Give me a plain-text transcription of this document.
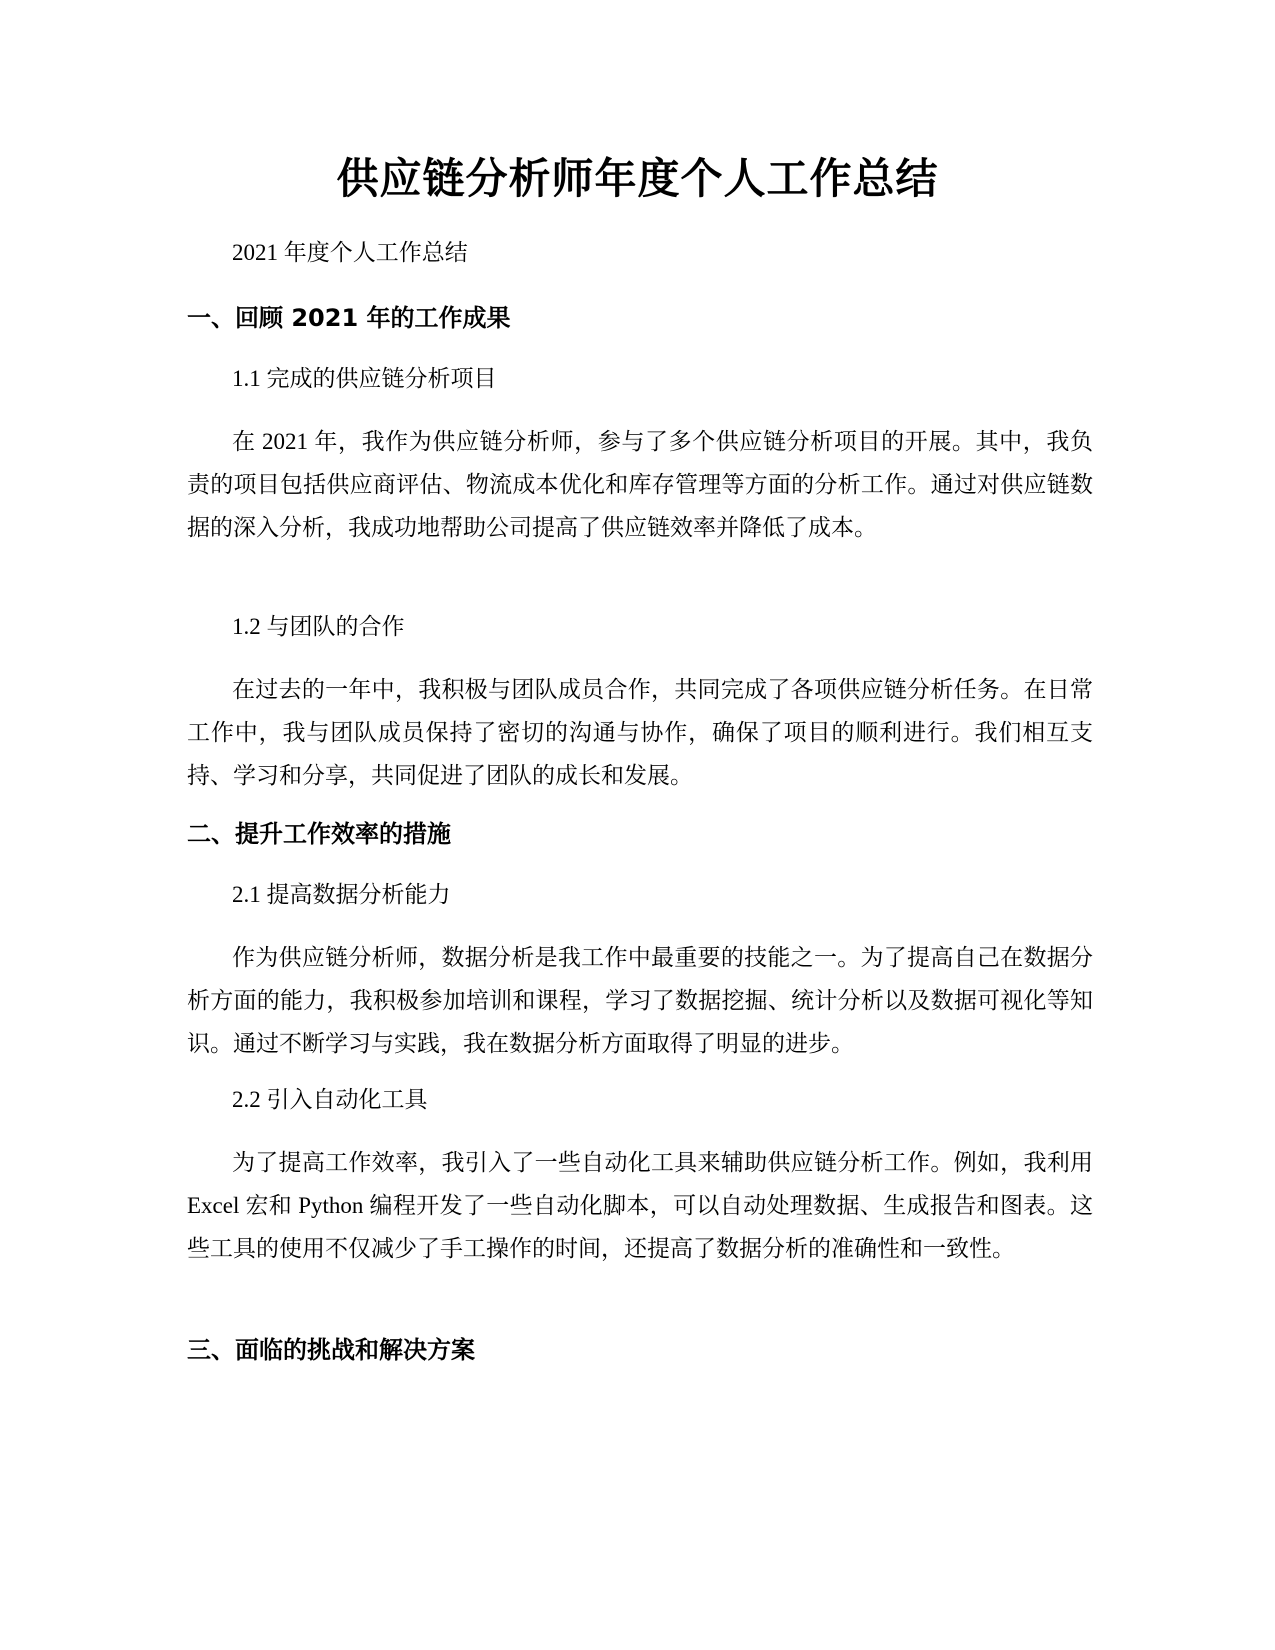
供应链分析师年度个人工作总结

2021 年度个人工作总结

一、回顾 2021 年的工作成果

1.1 完成的供应链分析项目

在 2021 年，我作为供应链分析师，参与了多个供应链分析项目的开展。其中，我负责的项目包括供应商评估、物流成本优化和库存管理等方面的分析工作。通过对供应链数据的深入分析，我成功地帮助公司提高了供应链效率并降低了成本。

1.2 与团队的合作

在过去的一年中，我积极与团队成员合作，共同完成了各项供应链分析任务。在日常工作中，我与团队成员保持了密切的沟通与协作，确保了项目的顺利进行。我们相互支持、学习和分享，共同促进了团队的成长和发展。

二、提升工作效率的措施

2.1 提高数据分析能力

作为供应链分析师，数据分析是我工作中最重要的技能之一。为了提高自己在数据分析方面的能力，我积极参加培训和课程，学习了数据挖掘、统计分析以及数据可视化等知识。通过不断学习与实践，我在数据分析方面取得了明显的进步。

2.2 引入自动化工具

为了提高工作效率，我引入了一些自动化工具来辅助供应链分析工作。例如，我利用 Excel 宏和 Python 编程开发了一些自动化脚本，可以自动处理数据、生成报告和图表。这些工具的使用不仅减少了手工操作的时间，还提高了数据分析的准确性和一致性。

三、面临的挑战和解决方案
